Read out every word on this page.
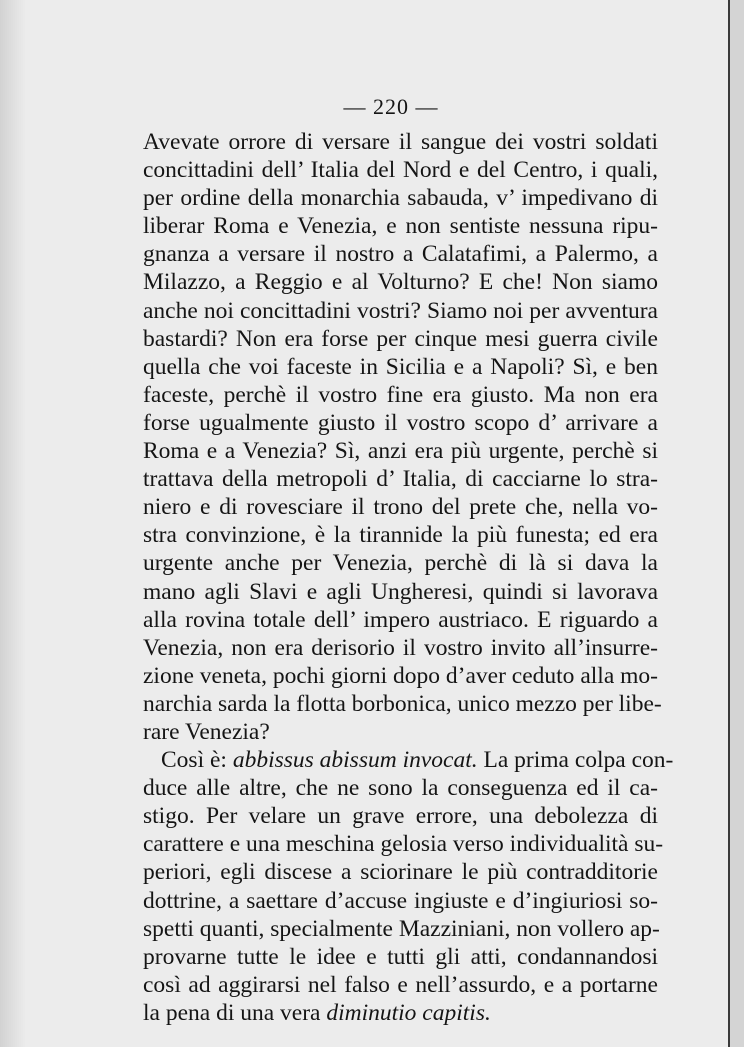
— 220 —
Avevate orrore di versare il sangue dei vostri soldati
concittadini dell’ Italia del Nord e del Centro, i quali,
per ordine della monarchia sabauda, v’ impedivano di
liberar Roma e Venezia, e non sentiste nessuna ripu-
gnanza a versare il nostro a Calatafimi, a Palermo, a
Milazzo, a Reggio e al Volturno? E che! Non siamo
anche noi concittadini vostri? Siamo noi per avventura
bastardi? Non era forse per cinque mesi guerra civile
quella che voi faceste in Sicilia e a Napoli? Sì, e ben
faceste, perchè il vostro fine era giusto. Ma non era
forse ugualmente giusto il vostro scopo d’ arrivare a
Roma e a Venezia? Sì, anzi era più urgente, perchè si
trattava della metropoli d’ Italia, di cacciarne lo stra-
niero e di rovesciare il trono del prete che, nella vo-
stra convinzione, è la tirannide la più funesta; ed era
urgente anche per Venezia, perchè di là si dava la
mano agli Slavi e agli Ungheresi, quindi si lavorava
alla rovina totale dell’ impero austriaco. E riguardo a
Venezia, non era derisorio il vostro invito all’insurre-
zione veneta, pochi giorni dopo d’aver ceduto alla mo-
narchia sarda la flotta borbonica, unico mezzo per libe-
rare Venezia?
Così è: abbissus abissum invocat. La prima colpa con-
duce alle altre, che ne sono la conseguenza ed il ca-
stigo. Per velare un grave errore, una debolezza di
carattere e una meschina gelosia verso individualità su-
periori, egli discese a sciorinare le più contradditorie
dottrine, a saettare d’accuse ingiuste e d’ingiuriosi so-
spetti quanti, specialmente Mazziniani, non vollero ap-
provarne tutte le idee e tutti gli atti, condannandosi
così ad aggirarsi nel falso e nell’assurdo, e a portarne
la pena di una vera diminutio capitis.
